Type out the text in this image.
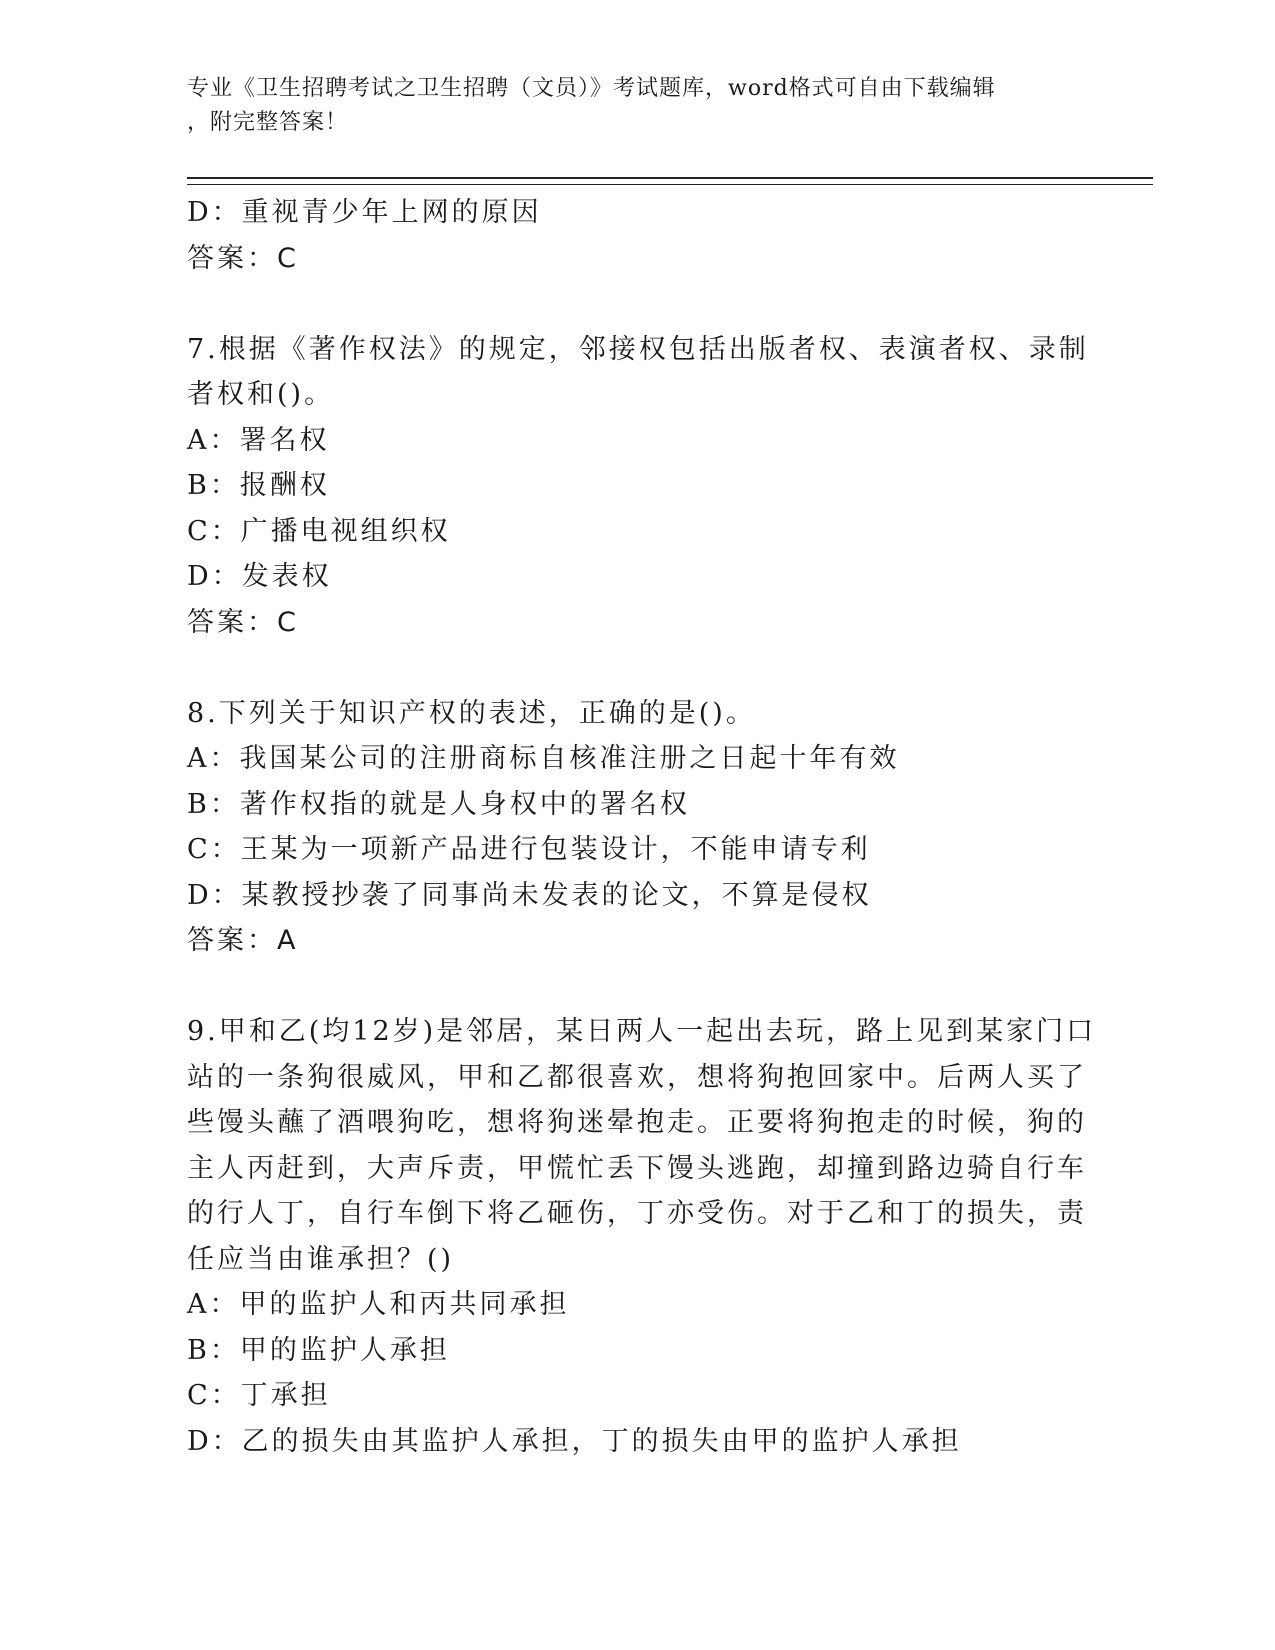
专业《卫生招聘考试之卫生招聘（文员）》考试题库，word格式可自由下载编辑
，附完整答案！
D：重视青少年上网的原因
答案：C
7.根据《著作权法》的规定，邻接权包括出版者权、表演者权、录制
者权和()。
A：署名权
B：报酬权
C：广播电视组织权
D：发表权
答案：C
8.下列关于知识产权的表述，正确的是()。
A：我国某公司的注册商标自核准注册之日起十年有效
B：著作权指的就是人身权中的署名权
C：王某为一项新产品进行包装设计，不能申请专利
D：某教授抄袭了同事尚未发表的论文，不算是侵权
答案：A
9.甲和乙(均12岁)是邻居，某日两人一起出去玩，路上见到某家门口
站的一条狗很威风，甲和乙都很喜欢，想将狗抱回家中。后两人买了
些馒头蘸了酒喂狗吃，想将狗迷晕抱走。正要将狗抱走的时候，狗的
主人丙赶到，大声斥责，甲慌忙丢下馒头逃跑，却撞到路边骑自行车
的行人丁，自行车倒下将乙砸伤，丁亦受伤。对于乙和丁的损失，责
任应当由谁承担？()
A：甲的监护人和丙共同承担
B：甲的监护人承担
C：丁承担
D：乙的损失由其监护人承担，丁的损失由甲的监护人承担
